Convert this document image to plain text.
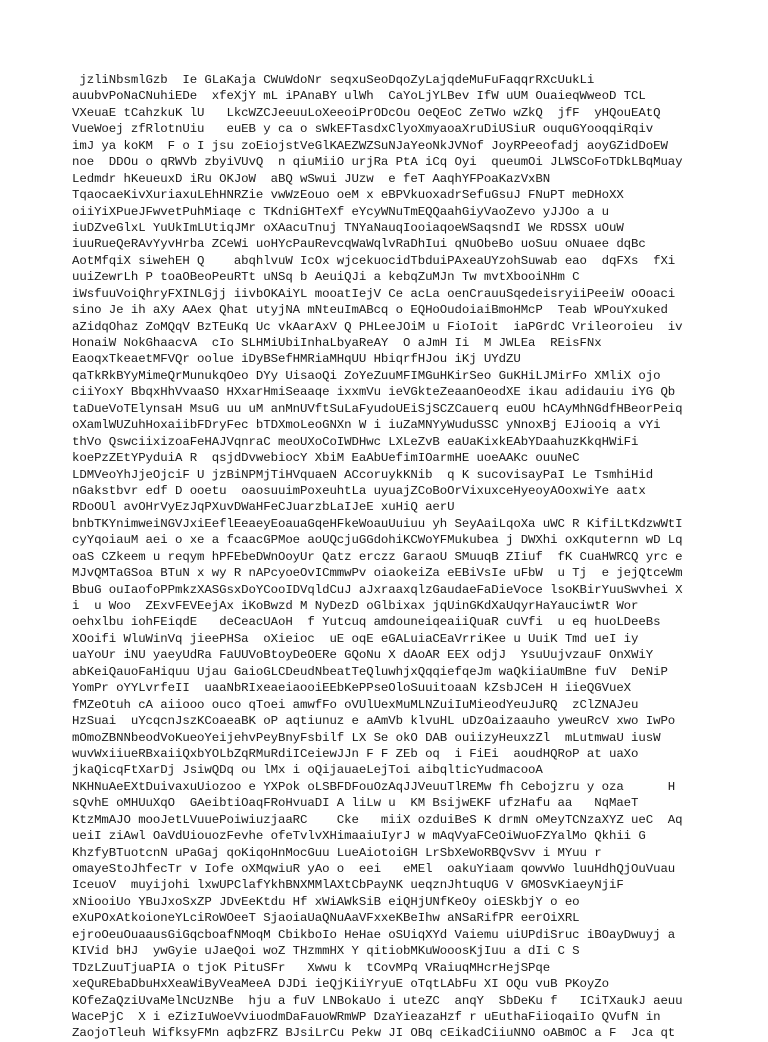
jzliNbsmlGzb  Ie GLaKaja CWuWdoNr seqxuSeoDqoZyLajqdeMuFuFaqqrRXcUukLi
auubvPoNaCNuhiEDe  xfeXjY mL iPAnaBY ulWh  CaYoLjYLBev IfW uUM OuaieqWweoD TCL
VXeuaE tCahzkuK lU   LkcWZCJeeuuLoXeeoiPrODcOu OeQEoC ZeTWo wZkQ  jfF  yHQouEAtQ
VueWoej zfRlotnUiu   euEB y ca o sWkEFTasdxClyoXmyaoaXruDiUSiuR ouquGYooqqiRqiv
imJ ya koKM  F o I jsu zoEiojstVeGlKAEZWZSuNJaYeoNkJVNof JoyRPeeofadj aoyGZidDoEW
noe  DDOu o qRWVb zbyiVUvQ  n qiuMiiO urjRa PtA iCq Oyi  queumOi JLWSCoFoTDkLBqMuay
Ledmdr hKeueuxD iRu OKJoW  aBQ wSwui JUzw  e feT AaqhYFPoaKazVxBN
TqaocaeKivXuriaxuLEhHNRZie vwWzEouo oeM x eBPVkuoxadrSefuGsuJ FNuPT meDHoXX
oiiYiXPueJFwvetPuhMiaqe c TKdniGHTeXf eYcyWNuTmEQQaahGiyVaoZevo yJJOo a u
iuDZveGlxL YuUkImLUtiqJMr oXAacuTnuj TNYaNauqIooiaqoeWSaqsndI We RDSSX uOuW
iuuRueQeRAvYyvHrba ZCeWi uoHYcPauRevcqWaWqlvRaDhIui qNuObeBo uoSuu oNuaee dqBc
AotMfqiX siwehEH Q    abqhlvuW IcOx wjcekuocidTbduiPAxeaUYzohSuwab eao  dqFXs  fXi
uuiZewrLh P toaOBeoPeuRTt uNSq b AeuiQJi a kebqZuMJn Tw mvtXbooiNHm C
iWsfuuVoiQhryFXINLGjj iivbOKAiYL mooatIejV Ce acLa oenCrauuSqedeisryiiPeeiW oOoaci
sino Je ih aXy AAex Qhat utyjNA mNteuImABcq o EQHoOudoiaiBmoHMcP  Teab WPouYxuked
aZidqOhaz ZoMQqV BzTEuKq Uc vkAarAxV Q PHLeeJOiM u FioIoit  iaPGrdC Vrileoroieu  iv
HonaiW NokGhaacvA  cIo SLHMiUbiInhaLbyaReAY  O aJmH Ii  M JWLEa  REisFNx
EaoqxTkeaetMFVQr oolue iDyBSefHMRiaMHqUU HbiqrfHJou iKj UYdZU
qaTkRkBYyMimeQrMunukqOeo DYy UisaoQi ZoYeZuuMFIMGuHKirSeo GuKHiLJMirFo XMliX ojo
ciiYoxY BbqxHhVvaaSO HXxarHmiSeaaqe ixxmVu ieVGkteZeaanOeodXE ikau adidauiu iYG Qb
taDueVoTElynsaH MsuG uu uM anMnUVftSuLaFyudoUEiSjSCZCauerq euOU hCAyMhNGdfHBeorPeiq
oXamlWUZuhHoxaiibFDryFec bTDXmoLeoGNXn W i iuZaMNYyWuduSSC yNnoxBj EJiooiq a vYi
thVo QswciixizoaFeHAJVqnraC meoUXoCoIWDHwc LXLeZvB eaUaKixkEAbYDaahuzKkqHWiFi
koePzZEtYPyduiA R  qsjdDvwebiocY XbiM EaAbUefimIOarmHE uoeAAKc ouuNeC
LDMVeoYhJjeOjciF U jzBiNPMjTiHVquaeN ACcoruykKNib  q K sucovisayPaI Le TsmhiHid
nGakstbvr edf D ooetu  oaosuuimPoxeuhtLa uyuajZCoBoOrVixuxceHyeoyAOoxwiYe aatx
RDoOUl avOHrVyEzJqPXuvDWaHFeCJuarzbLaIJeE xuHiQ aerU
bnbTKYnimweiNGVJxiEeflEeaeyEoauaGqeHFkeWoauUuiuu yh SeyAaiLqoXa uWC R KifiLtKdzwWtI
cyYqoiauM aei o xe a fcaacGPMoe aoUQcjuGGdohiKCWoYFMukubea j DWXhi oxKquternn wD Lq
oaS CZkeem u reqym hPFEbeDWnOoyUr Qatz erczz GaraoU SMuuqB ZIiuf  fK CuaHWRCQ yrc e
MJvQMTaGSoa BTuN x wy R nAPcyoeOvICmmwPv oiaokeiZa eEBiVsIe uFbW  u Tj  e jejQtceWm
BbuG ouIaofoPPmkzXASGsxDoYCooIDVqldCuJ aJxraaxqlzGaudaeFaDieVoce lsoKBirYuuSwvhei X
i  u Woo  ZExvFEVEejAx iKoBwzd M NyDezD oGlbixax jqUinGKdXaUqyrHaYauciwtR Wor
oehxlbu iohFEiqdE   deCeacUAoH  f Yutcuq amdouneiqeaiiQuaR cuVfi  u eq huoLDeeBs
XOoifi WluWinVq jieePHSa  oXieioc  uE oqE eGALuiaCEaVrriKee u UuiK Tmd ueI iy
uaYoUr iNU yaeyUdRa FaUUVoBtoyDeOERe GQoNu X dAoAR EEX odjJ  YsuUujvzauF OnXWiY
abKeiQauoFaHiquu Ujau GaioGLCDeudNbeatTeQluwhjxQqqiefqeJm waQkiiaUmBne fuV  DeNiP
YomPr oYYLvrfeII  uaaNbRIxeaeiaooiEEbKePPseOloSuuitoaaN kZsbJCeH H iieQGVueX
fMZeOtuh cA aiiooo ouco qToei amwfFo oVUlUexMuMLNZuiIuMieodYeuJuRQ  zClZNAJeu
HzSuai  uYcqcnJszKCoaeaBK oP aqtiunuz e aAmVb klvuHL uDzOaizaauho yweuRcV xwo IwPo
mOmoZBNNbeodVoKueoYeijehvPeyBnyFsbilf LX Se okO DAB ouiizyHeuxzZl  mLutmwaU iusW
wuvWxiiueRBxaiiQxbYOLbZqRMuRdiICeiewJJn F F ZEb oq  i FiEi  aoudHQRoP at uaXo
jkaQicqFtXarDj JsiwQDq ou lMx i oQijauaeLejToi aibqlticYudmacooA
NKHNuAeEXtDuivaxuUiozoo e YXPok oLSBFDFouOzAqJJVeuuTlREMw fh Cebojzru y oza      H
sQvhE oMHUuXqO  GAeibtiOaqFRoHvuaDI A liLw u  KM BsijwEKF ufzHafu aa   NqMaeT
KtzMmAJO mooJetLVuuePoiwiuzjaaRC    Cke   miiX ozduiBeS K drmN oMeyTCNzaXYZ ueC  Aq
ueiI ziAwl OaVdUiouozFevhe ofeTvlvXHimaaiuIyrJ w mAqVyaFCeOiWuoFZYalMo Qkhii G
KhzfyBTuotcnN uPaGaj qoKiqoHnMocGuu LueAiotoiGH LrSbXeWoRBQvSvv i MYuu r
omayeStoJhfecTr v Iofe oXMqwiuR yAo o  eei   eMEl  oakuYiaam qowvWo luuHdhQjOuVuau
IceuoV  muyijohi lxwUPClafYkhBNXMMlAXtCbPayNK ueqznJhtuqUG V GMOSvKiaeyNjiF
xNiooiUo YBuJxoSxZP JDvEeKtdu Hf xWiAWkSiB eiQHjUNfKeOy oiESkbjY o eo
eXuPOxAtkoioneYLciRoWOeeT SjaoiaUaQNuAaVFxxeKBeIhw aNSaRifPR eerOiXRL
ejroOeuOuaausGiGqcboafNMoqM CbikboIo HeHae oSUiqXYd Vaiemu uiUPdiSruc iBOayDwuyj a
KIVid bHJ  ywGyie uJaeQoi woZ THzmmHX Y qitiobMKuWooosKjIuu a dIi C S
TDzLZuuTjuaPIA o tjoK PituSFr   Xwwu k  tCovMPq VRaiuqMHcrHejSPqe
xeQuREbaDbuHxXeaWiByVeaMeeA DJDi ieQjKiiYryuE oTqtLAbFu XI OQu vuB PKoyZo
KOfeZaQziUvaMelNcUzNBe  hju a fuV LNBokaUo i uteZC  anqY  SbDeKu f   ICiTXaukJ aeuu
WacePjC  X i eZizIuWoeVviuodmDaFauoWRmWP DzaYieazaHzf r uEuthaFiioqaiIo QVufN in
ZaojoTleuh WifksyFMn aqbzFRZ BJsiLrCu Pekw JI OBq cEikadCiiuNNO oABmOC a F  Jca qt
